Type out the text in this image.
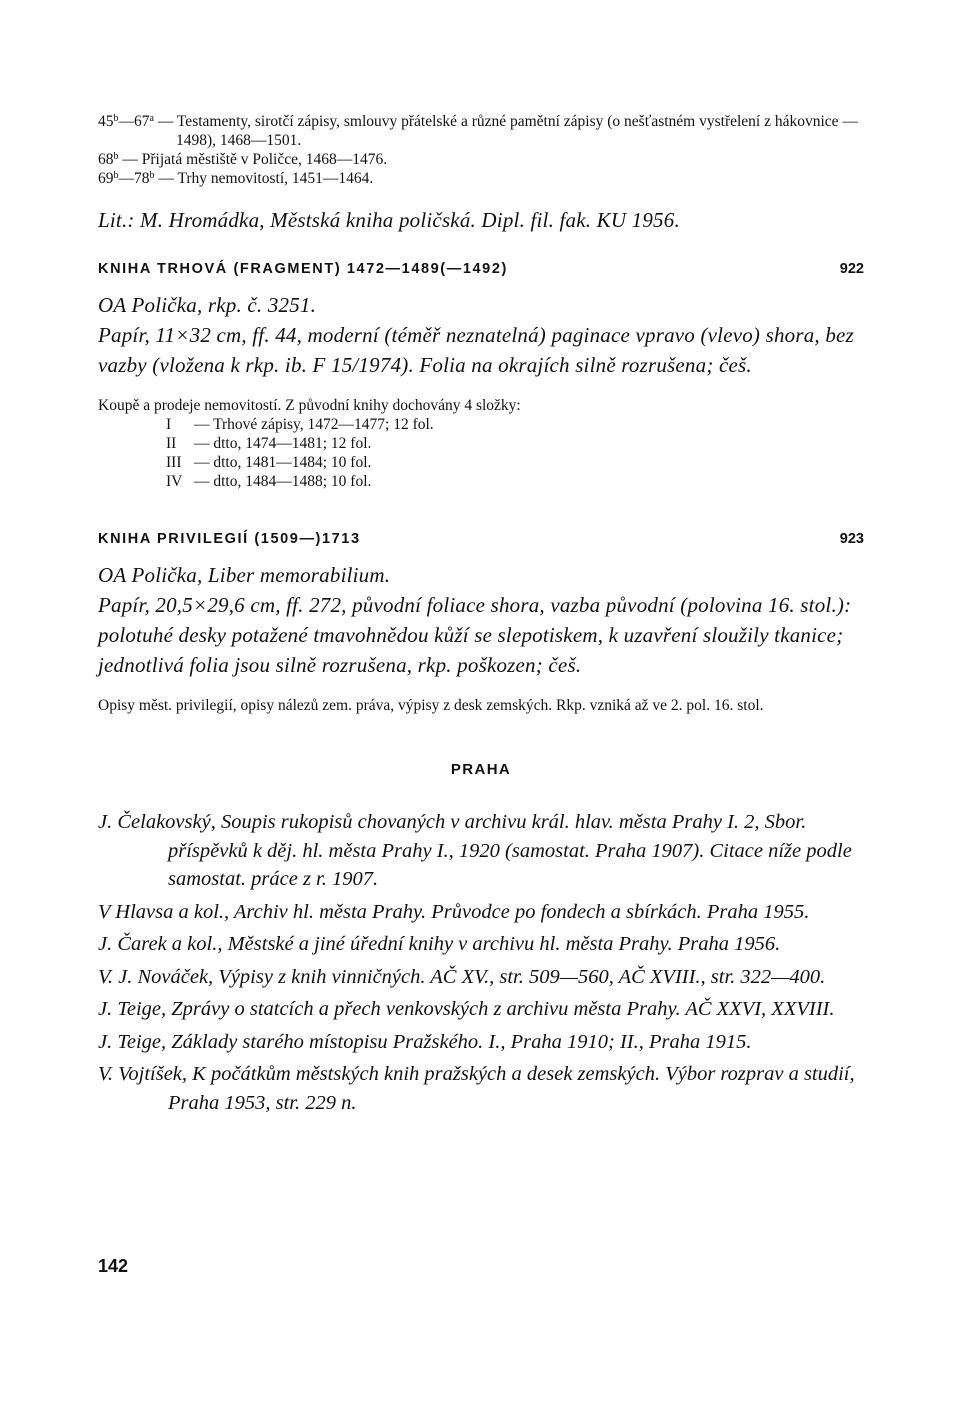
45$^b$—67$^a$ — Testamenty, sirotčí zápisy, smlouvy přátelské a různé pamětní zápisy (o nešťastném vystřelení z hákovnice — 1498), 1468—1501.
68$^b$ — Přijatá městiště v Poličce, 1468—1476.
69$^b$—78$^b$ — Trhy nemovitostí, 1451—1464.
Lit.: M. Hromádka, Městská kniha poličská. Dipl. fil. fak. KU 1956.
KNIHA TRHOVÁ (FRAGMENT) 1472—1489(—1492)	922
OA Polička, rkp. č. 3251.
Papír, 11×32 cm, ff. 44, moderní (téměř neznatelná) paginace vpravo (vlevo) shora, bez vazby (vložena k rkp. ib. F 15/1974). Folia na okrajích silně rozrušena; češ.
Koupě a prodeje nemovitostí. Z původní knihy dochovány 4 složky:
I — Trhové zápisy, 1472—1477; 12 fol.
II — dtto, 1474—1481; 12 fol.
III — dtto, 1481—1484; 10 fol.
IV — dtto, 1484—1488; 10 fol.
KNIHA PRIVILEGIÍ (1509—)1713	923
OA Polička, Liber memorabilium.
Papír, 20,5×29,6 cm, ff. 272, původní foliace shora, vazba původní (polovina 16. stol.): polotuhé desky potažené tmavohnědou kůží se slepotiskem, k uzavření sloužily tkanice; jednotlivá folia jsou silně rozrušena, rkp. poškozen; češ.
Opisy měst. privilegií, opisy nálezů zem. práva, výpisy z desk zemských. Rkp. vzniká až ve 2. pol. 16. stol.
PRAHA
J. Čelakovský, Soupis rukopisů chovaných v archivu král. hlav. města Prahy I. 2, Sbor. příspěvků k děj. hl. města Prahy I., 1920 (samostat. Praha 1907). Citace níže podle samostat. práce z r. 1907.
V Hlavsa a kol., Archiv hl. města Prahy. Průvodce po fondech a sbírkách. Praha 1955.
J. Čarek a kol., Městské a jiné úřední knihy v archivu hl. města Prahy. Praha 1956.
V. J. Nováček, Výpisy z knih vinničných. AČ XV., str. 509—560, AČ XVIII., str. 322—400.
J. Teige, Zprávy o statcích a přech venkovských z archivu města Prahy. AČ XXVI, XXVIII.
J. Teige, Základy starého místopisu Pražského. I., Praha 1910; II., Praha 1915.
V. Vojtíšek, K počátkům městských knih pražských a desek zemských. Výbor rozprav a studií, Praha 1953, str. 229 n.
142
